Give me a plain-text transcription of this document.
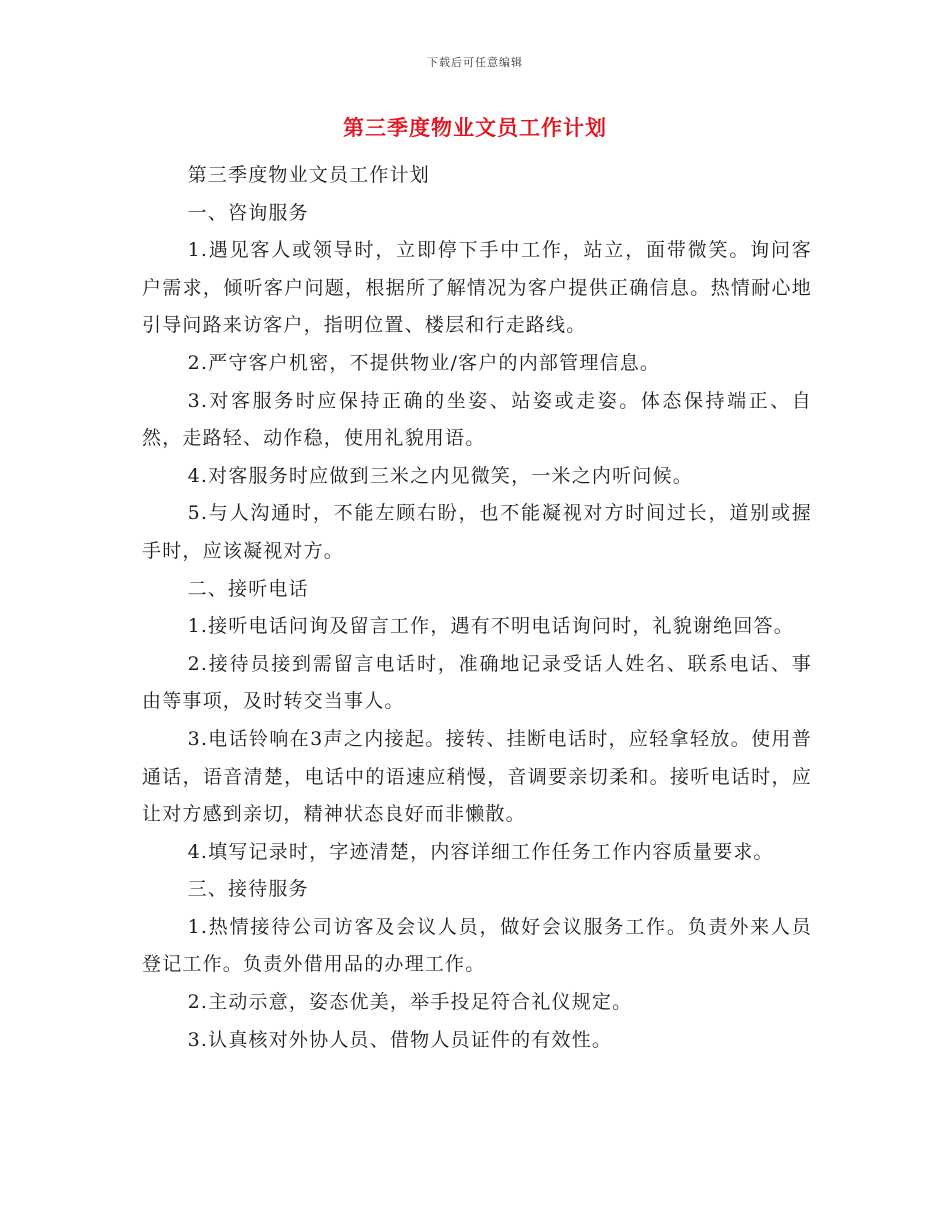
下载后可任意编辑
第三季度物业文员工作计划

第三季度物业文员工作计划

一、咨询服务

1.遇见客人或领导时，立即停下手中工作，站立，面带微笑。询问客户需求，倾听客户问题，根据所了解情况为客户提供正确信息。热情耐心地引导问路来访客户，指明位置、楼层和行走路线。

2.严守客户机密，不提供物业/客户的内部管理信息。

3.对客服务时应保持正确的坐姿、站姿或走姿。体态保持端正、自然，走路轻、动作稳，使用礼貌用语。

4.对客服务时应做到三米之内见微笑，一米之内听问候。

5.与人沟通时，不能左顾右盼，也不能凝视对方时间过长，道别或握手时，应该凝视对方。

二、接听电话

1.接听电话问询及留言工作，遇有不明电话询问时，礼貌谢绝回答。

2.接待员接到需留言电话时，准确地记录受话人姓名、联系电话、事由等事项，及时转交当事人。

3.电话铃响在3声之内接起。接转、挂断电话时，应轻拿轻放。使用普通话，语音清楚，电话中的语速应稍慢，音调要亲切柔和。接听电话时，应让对方感到亲切，精神状态良好而非懒散。

4.填写记录时，字迹清楚，内容详细工作任务工作内容质量要求。

三、接待服务

1.热情接待公司访客及会议人员，做好会议服务工作。负责外来人员登记工作。负责外借用品的办理工作。

2.主动示意，姿态优美，举手投足符合礼仪规定。

3.认真核对外协人员、借物人员证件的有效性。
